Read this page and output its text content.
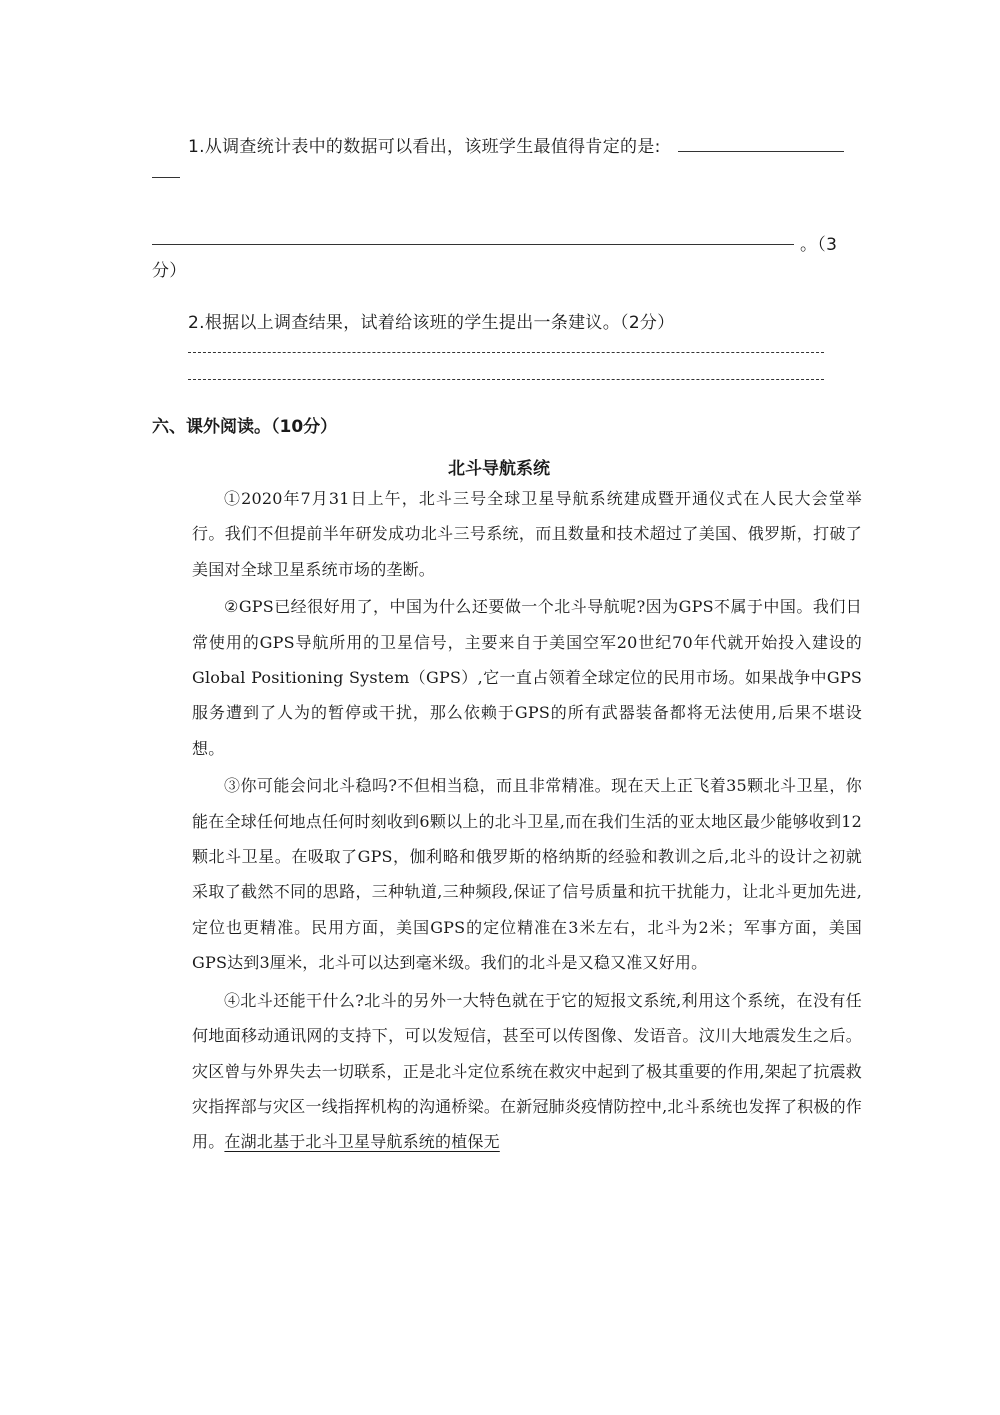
1.从调查统计表中的数据可以看出，该班学生最值得肯定的是:
。（3
分）
2.根据以上调查结果，试着给该班的学生提出一条建议。（2分）
六、课外阅读。（10分）
北斗导航系统

①2020年7月31日上午，北斗三号全球卫星导航系统建成暨开通仪式在人民大会堂举行。我们不但提前半年研发成功北斗三号系统，而且数量和技术超过了美国、俄罗斯，打破了美国对全球卫星系统市场的垄断。

②GPS已经很好用了，中国为什么还要做一个北斗导航呢?因为GPS不属于中国。我们日常使用的GPS导航所用的卫星信号，主要来自于美国空军20世纪70年代就开始投入建设的Global Positioning System（GPS）,它一直占领着全球定位的民用市场。如果战争中GPS服务遭到了人为的暂停或干扰，那么依赖于GPS的所有武器装备都将无法使用,后果不堪设想。

③你可能会问北斗稳吗?不但相当稳，而且非常精准。现在天上正飞着35颗北斗卫星，你能在全球任何地点任何时刻收到6颗以上的北斗卫星,而在我们生活的亚太地区最少能够收到12颗北斗卫星。在吸取了GPS，伽利略和俄罗斯的格纳斯的经验和教训之后,北斗的设计之初就采取了截然不同的思路，三种轨道,三种频段,保证了信号质量和抗干扰能力，让北斗更加先进,定位也更精准。民用方面，美国GPS的定位精准在3米左右，北斗为2米；军事方面，美国GPS达到3厘米，北斗可以达到毫米级。我们的北斗是又稳又准又好用。

④北斗还能干什么?北斗的另外一大特色就在于它的短报文系统,利用这个系统，在没有任何地面移动通讯网的支持下，可以发短信，甚至可以传图像、发语音。汶川大地震发生之后。灾区曾与外界失去一切联系，正是北斗定位系统在救灾中起到了极其重要的作用,架起了抗震救灾指挥部与灾区一线指挥机构的沟通桥梁。在新冠肺炎疫情防控中,北斗系统也发挥了积极的作用。在湖北基于北斗卫星导航系统的植保无
